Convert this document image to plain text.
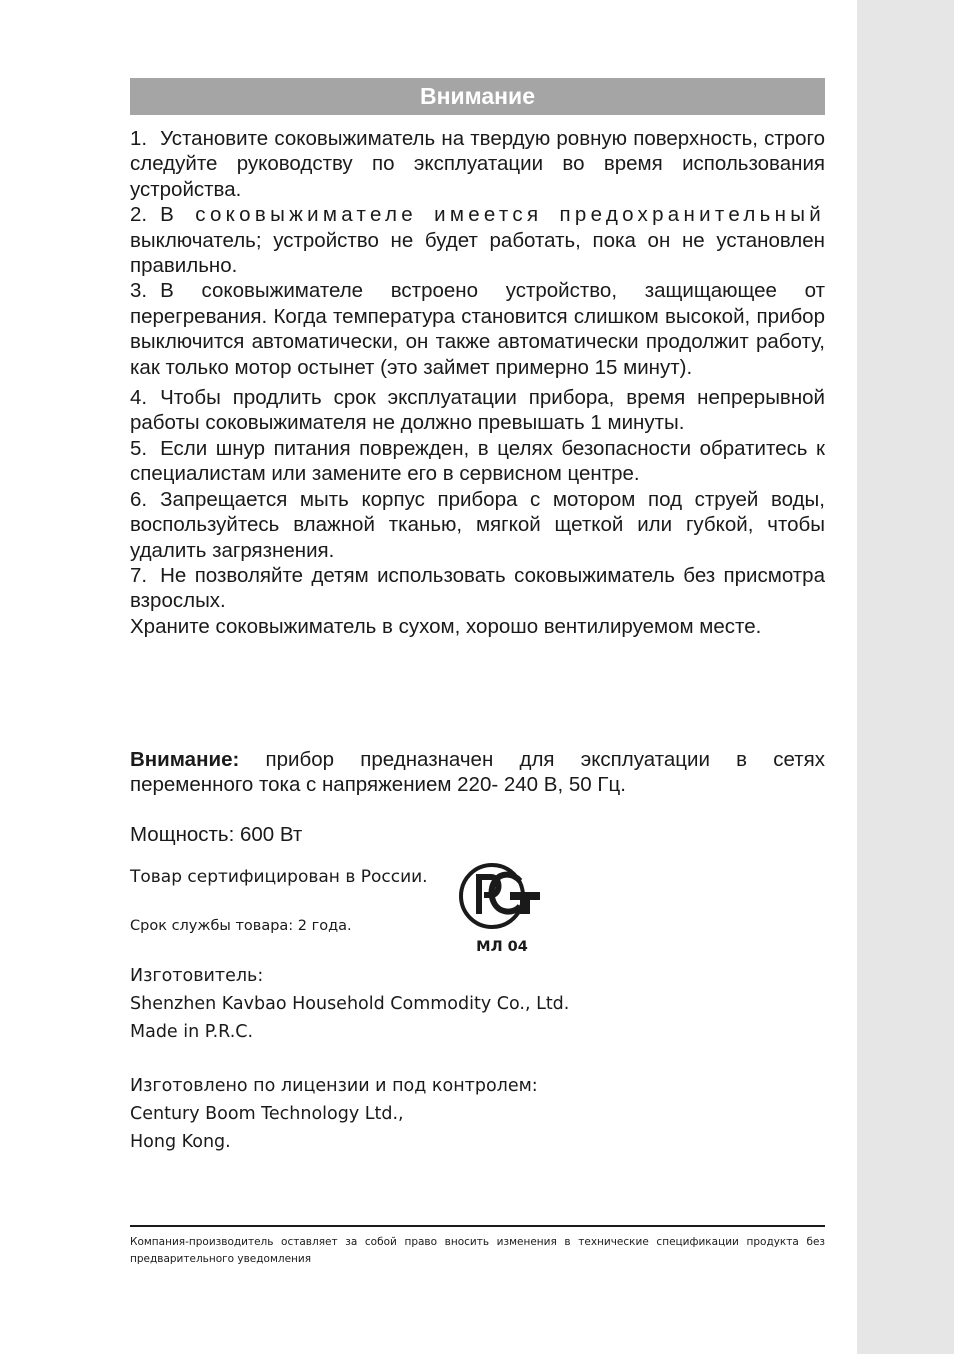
Внимание

1. Установите соковыжиматель на твердую ровную поверхность, строго следуйте руководству по эксплуатации во время использования устройства.

2. В соковыжимателе имеется предохранительный выключатель; устройство не будет работать, пока он не установлен правильно.

3. В соковыжимателе встроено устройство, защищающее от перегревания. Когда температура становится слишком высокой, прибор выключится автоматически, он также автоматически продолжит работу, как только мотор остынет (это займет примерно 15 минут).

4. Чтобы продлить срок эксплуатации прибора, время непрерывной работы соковыжимателя не должно превышать 1 минуты.

5. Если шнур питания поврежден, в целях безопасности обратитесь к специалистам или замените его в сервисном центре.

6. Запрещается мыть корпус прибора с мотором под струей воды, воспользуйтесь влажной тканью, мягкой щеткой или губкой, чтобы удалить загрязнения.

7. Не позволяйте детям использовать соковыжиматель без присмотра взрослых.

Храните соковыжиматель в сухом, хорошо вентилируемом месте.

Внимание: прибор предназначен для эксплуатации в сетях переменного тока с напряжением 220- 240 В, 50 Гц.
Мощность: 600 Вт
Товар сертифицирован в России.
Срок службы товара: 2 года.
МЛ 04
Изготовитель:
Shenzhen Kavbao Household Commodity Co., Ltd.
Made in P.R.C.
Изготовлено по лицензии и под контролем:
Century Boom Technology Ltd.,
Hong Kong.
Компания-производитель оставляет за собой право вносить изменения в технические спецификации продукта без предварительного уведомления
